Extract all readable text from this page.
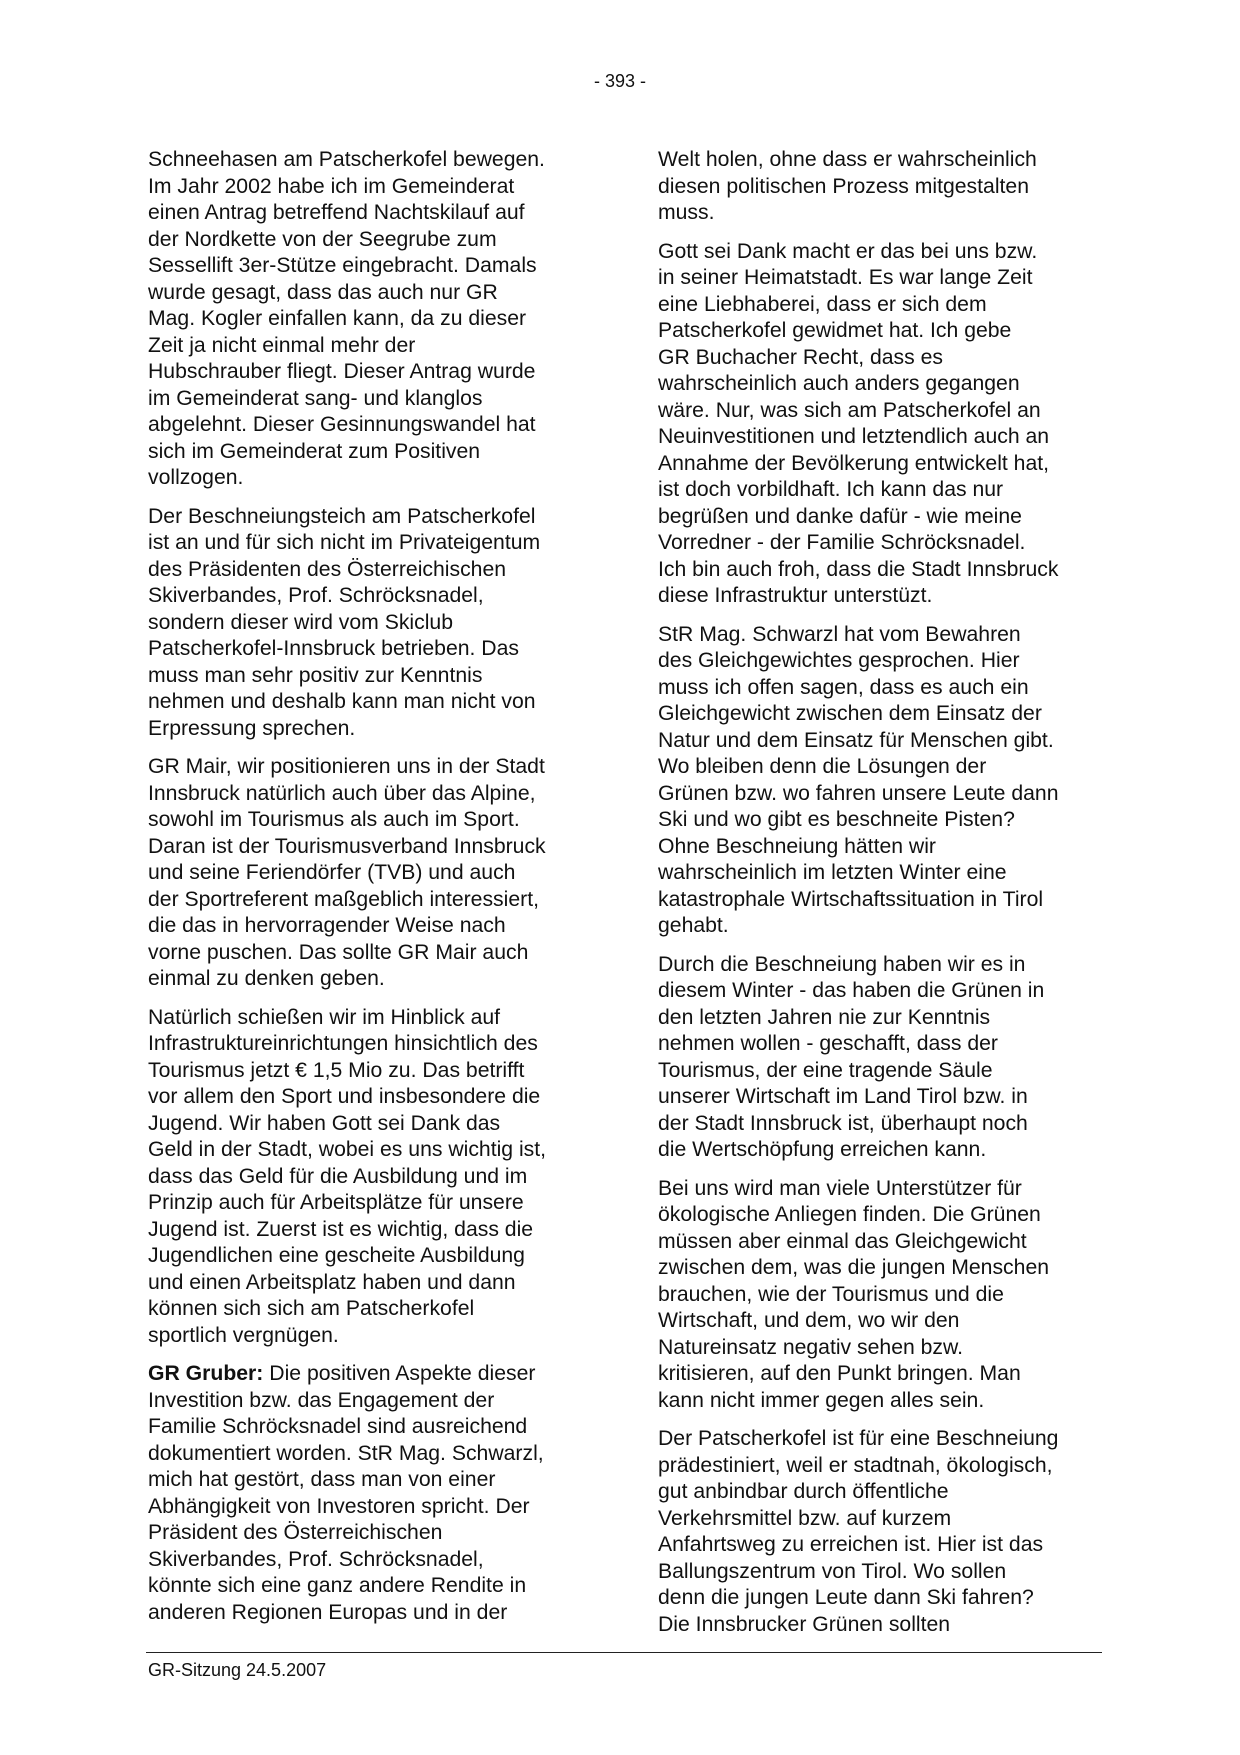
- 393 -

Schneehasen am Patscherkofel bewegen.
Im Jahr 2002 habe ich im Gemeinderat
einen Antrag betreffend Nachtskilauf auf
der Nordkette von der Seegrube zum
Sessellift 3er-Stütze eingebracht. Damals
wurde gesagt, dass das auch nur GR
Mag. Kogler einfallen kann, da zu dieser
Zeit ja nicht einmal mehr der
Hubschrauber fliegt. Dieser Antrag wurde
im Gemeinderat sang- und klanglos
abgelehnt. Dieser Gesinnungswandel hat
sich im Gemeinderat zum Positiven
vollzogen.

Der Beschneiungsteich am Patscherkofel
ist an und für sich nicht im Privateigentum
des Präsidenten des Österreichischen
Skiverbandes, Prof. Schröcksnadel,
sondern dieser wird vom Skiclub
Patscherkofel-Innsbruck betrieben. Das
muss man sehr positiv zur Kenntnis
nehmen und deshalb kann man nicht von
Erpressung sprechen.

GR Mair, wir positionieren uns in der Stadt
Innsbruck natürlich auch über das Alpine,
sowohl im Tourismus als auch im Sport.
Daran ist der Tourismusverband Innsbruck
und seine Feriendörfer (TVB) und auch
der Sportreferent maßgeblich interessiert,
die das in hervorragender Weise nach
vorne puschen. Das sollte GR Mair auch
einmal zu denken geben.

Natürlich schießen wir im Hinblick auf
Infrastruktureinrichtungen hinsichtlich des
Tourismus jetzt € 1,5 Mio zu. Das betrifft
vor allem den Sport und insbesondere die
Jugend. Wir haben Gott sei Dank das
Geld in der Stadt, wobei es uns wichtig ist,
dass das Geld für die Ausbildung und im
Prinzip auch für Arbeitsplätze für unsere
Jugend ist. Zuerst ist es wichtig, dass die
Jugendlichen eine gescheite Ausbildung
und einen Arbeitsplatz haben und dann
können sich sich am Patscherkofel
sportlich vergnügen.

GR Gruber: Die positiven Aspekte dieser
Investition bzw. das Engagement der
Familie Schröcksnadel sind ausreichend
dokumentiert worden. StR Mag. Schwarzl,
mich hat gestört, dass man von einer
Abhängigkeit von Investoren spricht. Der
Präsident des Österreichischen
Skiverbandes, Prof. Schröcksnadel,
könnte sich eine ganz andere Rendite in
anderen Regionen Europas und in der

Welt holen, ohne dass er wahrscheinlich
diesen politischen Prozess mitgestalten
muss.

Gott sei Dank macht er das bei uns bzw.
in seiner Heimatstadt. Es war lange Zeit
eine Liebhaberei, dass er sich dem
Patscherkofel gewidmet hat. Ich gebe
GR Buchacher Recht, dass es
wahrscheinlich auch anders gegangen
wäre. Nur, was sich am Patscherkofel an
Neuinvestitionen und letztendlich auch an
Annahme der Bevölkerung entwickelt hat,
ist doch vorbildhaft. Ich kann das nur
begrüßen und danke dafür - wie meine
Vorredner - der Familie Schröcksnadel.
Ich bin auch froh, dass die Stadt Innsbruck
diese Infrastruktur unterstüzt.

StR Mag. Schwarzl hat vom Bewahren
des Gleichgewichtes gesprochen. Hier
muss ich offen sagen, dass es auch ein
Gleichgewicht zwischen dem Einsatz der
Natur und dem Einsatz für Menschen gibt.
Wo bleiben denn die Lösungen der
Grünen bzw. wo fahren unsere Leute dann
Ski und wo gibt es beschneite Pisten?
Ohne Beschneiung hätten wir
wahrscheinlich im letzten Winter eine
katastrophale Wirtschaftssituation in Tirol
gehabt.

Durch die Beschneiung haben wir es in
diesem Winter - das haben die Grünen in
den letzten Jahren nie zur Kenntnis
nehmen wollen - geschafft, dass der
Tourismus, der eine tragende Säule
unserer Wirtschaft im Land Tirol bzw. in
der Stadt Innsbruck ist, überhaupt noch
die Wertschöpfung erreichen kann.

Bei uns wird man viele Unterstützer für
ökologische Anliegen finden. Die Grünen
müssen aber einmal das Gleichgewicht
zwischen dem, was die jungen Menschen
brauchen, wie der Tourismus und die
Wirtschaft, und dem, wo wir den
Natureinsatz negativ sehen bzw.
kritisieren, auf den Punkt bringen. Man
kann nicht immer gegen alles sein.

Der Patscherkofel ist für eine Beschneiung
prädestiniert, weil er stadtnah, ökologisch,
gut anbindbar durch öffentliche
Verkehrsmittel bzw. auf kurzem
Anfahrtsweg zu erreichen ist. Hier ist das
Ballungszentrum von Tirol. Wo sollen
denn die jungen Leute dann Ski fahren?
Die Innsbrucker Grünen sollten

GR-Sitzung 24.5.2007
